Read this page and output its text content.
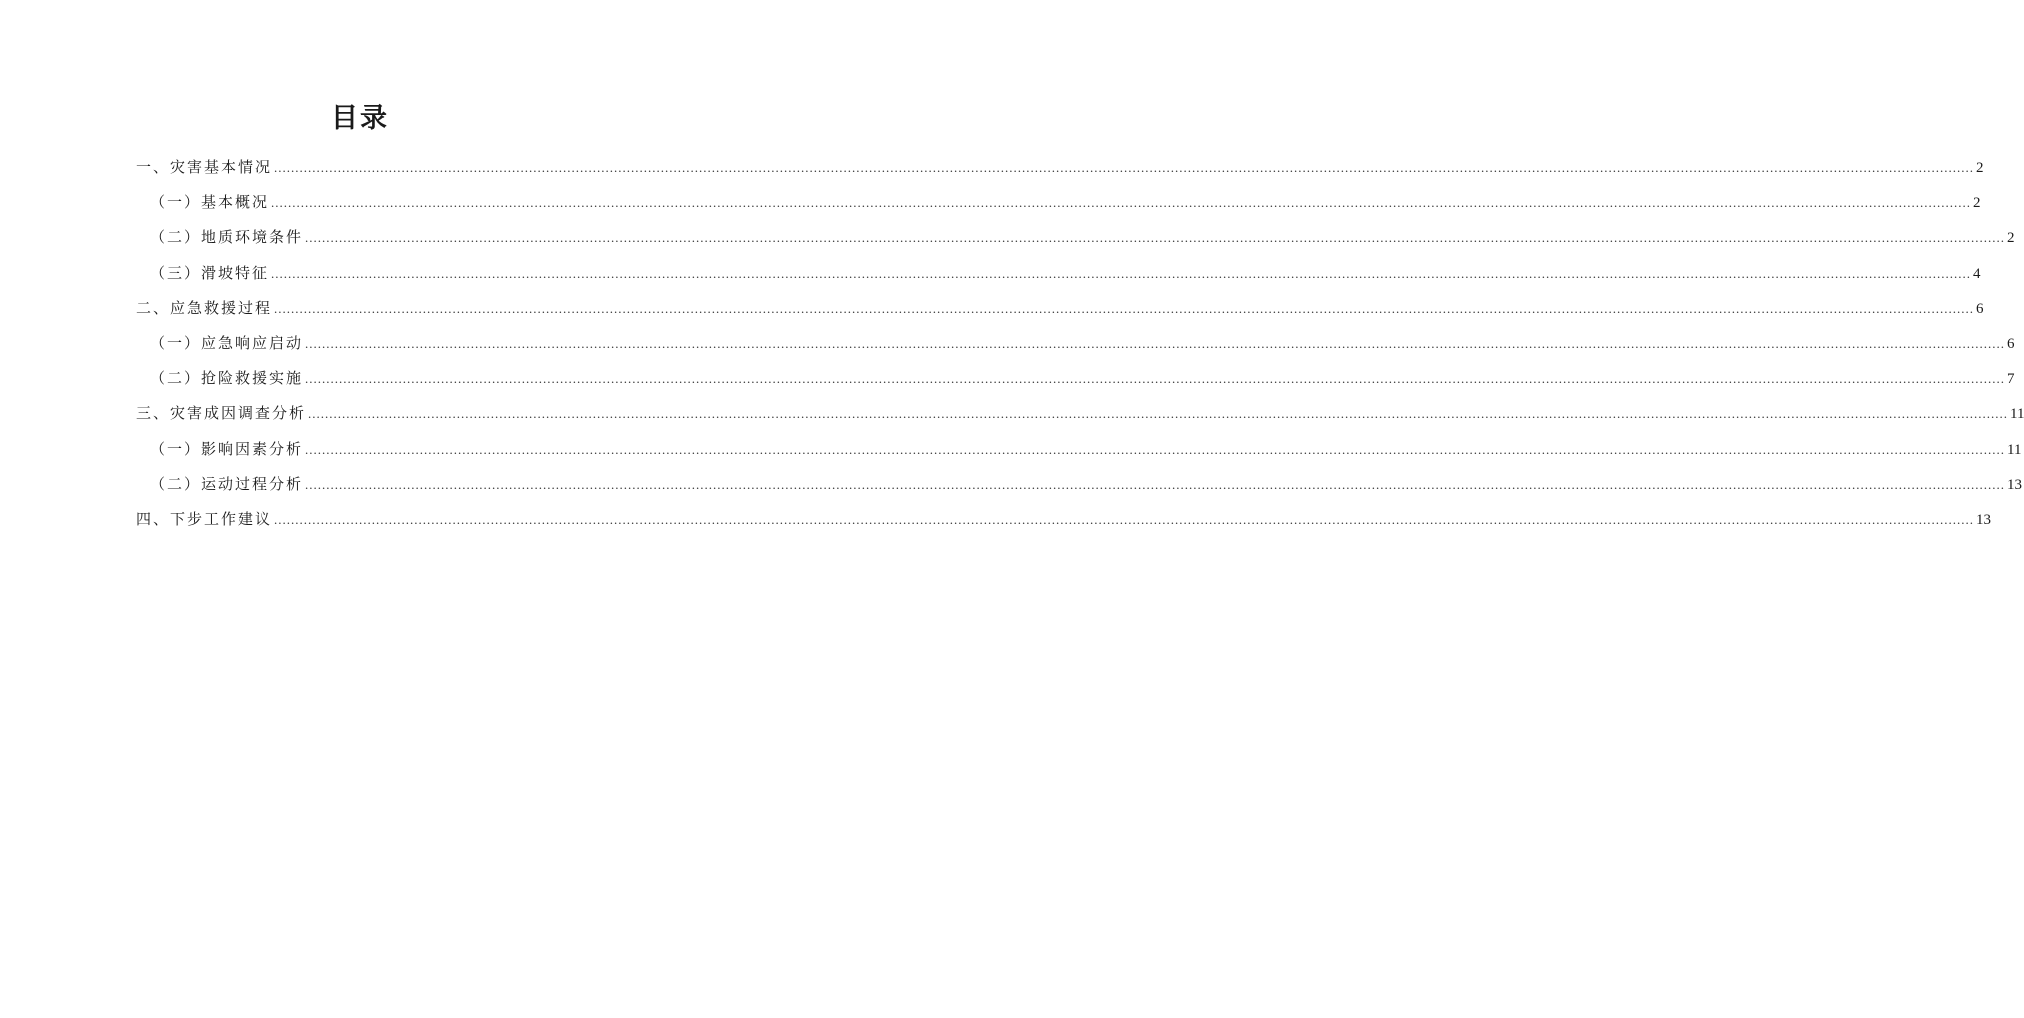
目录
一、灾害基本情况 ................................................................................................................................................................................................................................................................................................................................................................................................................ 2
（一）基本概况 ................................................................................................................................................................................................................................................................................................................................................................................................................ 2
（二）地质环境条件 ................................................................................................................................................................................................................................................................................................................................................................................................................ 2
（三）滑坡特征 ................................................................................................................................................................................................................................................................................................................................................................................................................ 4
二、应急救援过程 ................................................................................................................................................................................................................................................................................................................................................................................................................ 6
（一）应急响应启动 ................................................................................................................................................................................................................................................................................................................................................................................................................ 6
（二）抢险救援实施 ................................................................................................................................................................................................................................................................................................................................................................................................................ 7
三、灾害成因调查分析 ................................................................................................................................................................................................................................................................................................................................................................................................................ 11
（一）影响因素分析 ................................................................................................................................................................................................................................................................................................................................................................................................................ 11
（二）运动过程分析 ................................................................................................................................................................................................................................................................................................................................................................................................................ 13
四、下步工作建议 ................................................................................................................................................................................................................................................................................................................................................................................................................ 13
